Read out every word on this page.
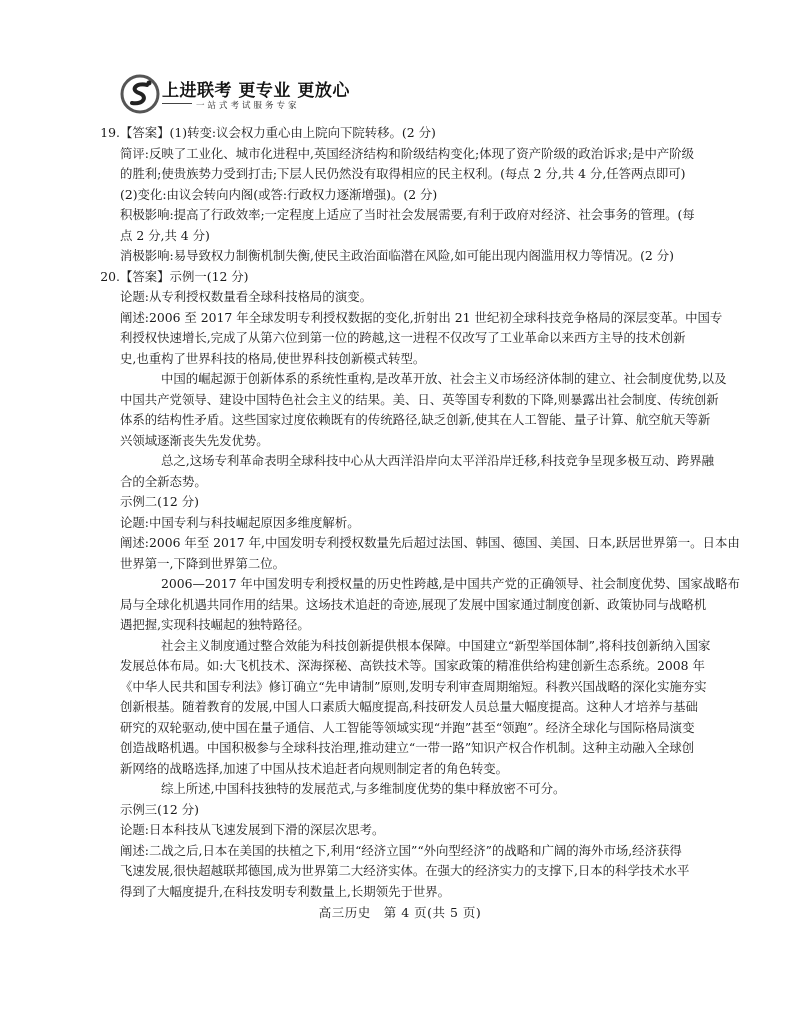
上进联考 更专业 更放心
一站式考试服务专家
19.【答案】(1)转变:议会权力重心由上院向下院转移。(2 分)
简评:反映了工业化、城市化进程中,英国经济结构和阶级结构变化;体现了资产阶级的政治诉求;是中产阶级
的胜利;使贵族势力受到打击;下层人民仍然没有取得相应的民主权利。(每点 2 分,共 4 分,任答两点即可)
(2)变化:由议会转向内阁(或答:行政权力逐渐增强)。(2 分)
积极影响:提高了行政效率;一定程度上适应了当时社会发展需要,有利于政府对经济、社会事务的管理。(每
点 2 分,共 4 分)
消极影响:易导致权力制衡机制失衡,使民主政治面临潜在风险,如可能出现内阁滥用权力等情况。(2 分)
20.【答案】示例一(12 分)
论题:从专利授权数量看全球科技格局的演变。
阐述:2006 至 2017 年全球发明专利授权数据的变化,折射出 21 世纪初全球科技竞争格局的深层变革。中国专
利授权快速增长,完成了从第六位到第一位的跨越,这一进程不仅改写了工业革命以来西方主导的技术创新
史,也重构了世界科技的格局,使世界科技创新模式转型。
中国的崛起源于创新体系的系统性重构,是改革开放、社会主义市场经济体制的建立、社会制度优势,以及
中国共产党领导、建设中国特色社会主义的结果。美、日、英等国专利数的下降,则暴露出社会制度、传统创新
体系的结构性矛盾。这些国家过度依赖既有的传统路径,缺乏创新,使其在人工智能、量子计算、航空航天等新
兴领域逐渐丧失先发优势。
总之,这场专利革命表明全球科技中心从大西洋沿岸向太平洋沿岸迁移,科技竞争呈现多极互动、跨界融
合的全新态势。
示例二(12 分)
论题:中国专利与科技崛起原因多维度解析。
阐述:2006 年至 2017 年,中国发明专利授权数量先后超过法国、韩国、德国、美国、日本,跃居世界第一。日本由
世界第一,下降到世界第二位。
2006—2017 年中国发明专利授权量的历史性跨越,是中国共产党的正确领导、社会制度优势、国家战略布
局与全球化机遇共同作用的结果。这场技术追赶的奇迹,展现了发展中国家通过制度创新、政策协同与战略机
遇把握,实现科技崛起的独特路径。
社会主义制度通过整合效能为科技创新提供根本保障。中国建立“新型举国体制”,将科技创新纳入国家
发展总体布局。如:大飞机技术、深海探秘、高铁技术等。国家政策的精准供给构建创新生态系统。2008 年
《中华人民共和国专利法》修订确立“先申请制”原则,发明专利审查周期缩短。科教兴国战略的深化实施夯实
创新根基。随着教育的发展,中国人口素质大幅度提高,科技研发人员总量大幅度提高。这种人才培养与基础
研究的双轮驱动,使中国在量子通信、人工智能等领域实现“并跑”甚至“领跑”。经济全球化与国际格局演变
创造战略机遇。中国积极参与全球科技治理,推动建立“一带一路”知识产权合作机制。这种主动融入全球创
新网络的战略选择,加速了中国从技术追赶者向规则制定者的角色转变。
综上所述,中国科技独特的发展范式,与多维制度优势的集中释放密不可分。
示例三(12 分)
论题:日本科技从飞速发展到下滑的深层次思考。
阐述:二战之后,日本在美国的扶植之下,利用“经济立国”“外向型经济”的战略和广阔的海外市场,经济获得
飞速发展,很快超越联邦德国,成为世界第二大经济实体。在强大的经济实力的支撑下,日本的科学技术水平
得到了大幅度提升,在科技发明专利数量上,长期领先于世界。
高三历史　第 4 页(共 5 页)
